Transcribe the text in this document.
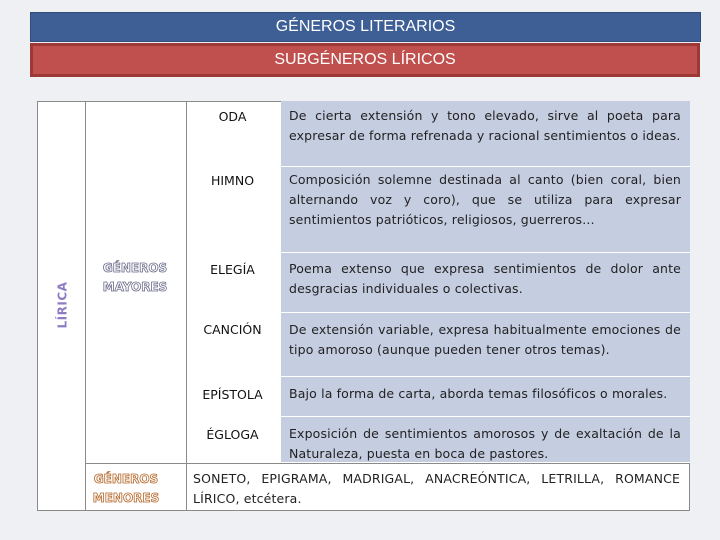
GÉNEROS LITERARIOS
SUBGÉNEROS LÍRICOS
LÍRICA
GÉNEROS
MAYORES
GÉNEROS
MENORES
ODA
HIMNO
ELEGÍA
CANCIÓN
EPÍSTOLA
ÉGLOGA
De cierta extensión y tono elevado, sirve al poeta para expresar de forma refrenada y racional sentimientos o ideas.
Composición solemne destinada al canto (bien coral, bien alternando voz y coro), que se utiliza para expresar sentimientos patrióticos, religiosos, guerreros…
Poema extenso que expresa sentimientos de dolor ante desgracias individuales o colectivas.
De extensión variable, expresa habitualmente emociones de tipo amoroso (aunque pueden tener otros temas).
Bajo la forma de carta, aborda temas filosóficos o morales.
Exposición de sentimientos amorosos y de exaltación de la Naturaleza, puesta en boca de pastores.
SONETO, EPIGRAMA, MADRIGAL, ANACREÓNTICA, LETRILLA, ROMANCE LÍRICO, etcétera.
